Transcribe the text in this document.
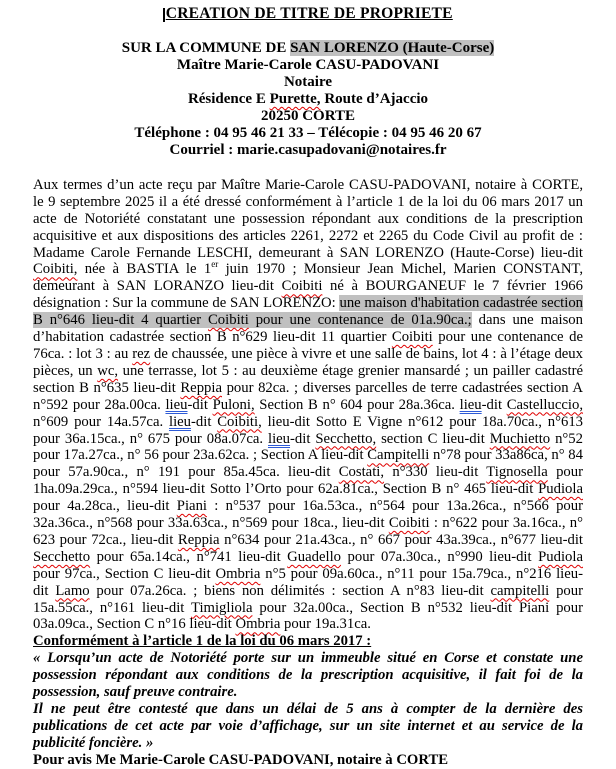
CREATION DE TITRE DE PROPRIETE
SUR LA COMMUNE DE SAN LORENZO (Haute-Corse)
Maître Marie-Carole CASU-PADOVANI
Notaire
Résidence E Purette, Route d’Ajaccio
20250 CORTE
Téléphone : 04 95 46 21 33 – Télécopie : 04 95 46 20 67
Courriel : marie.casupadovani@notaires.fr
Aux termes d’un acte reçu par Maître Marie-Carole CASU-PADOVANI, notaire à CORTE, le 9 septembre 2025 il a été dressé conformément à l’article 1 de la loi du 06 mars 2017 un acte de Notoriété constatant une possession répondant aux conditions de la prescription acquisitive et aux dispositions des articles 2261, 2272 et 2265 du Code Civil au profit de : Madame Carole Fernande LESCHI, demeurant à SAN LORENZO (Haute-Corse) lieu-dit Coibiti, née à BASTIA le 1er juin 1970 ; Monsieur Jean Michel, Marien CONSTANT, demeurant à SAN LORANZO lieu-dit Coibiti né à BOURGANEUF le 7 février 1966 désignation : Sur la commune de SAN LORENZO: une maison d'habitation cadastrée section B n°646 lieu-dit 4 quartier Coibiti pour une contenance de 01a.90ca.; dans une maison d’habitation cadastrée section B n°629 lieu-dit 11 quartier Coibiti pour une contenance de 76ca. : lot 3 : au rez de chaussée, une pièce à vivre et une salle de bains, lot 4 : à l’étage deux pièces, un wc, une terrasse, lot 5 : au deuxième étage grenier mansardé ; un pailler cadastré section B n°635 lieu-dit Reppia pour 82ca. ; diverses parcelles de terre cadastrées section A n°592 pour 28a.00ca. lieu-dit Puloni, Section B n° 604 pour 28a.36ca. lieu-dit Castelluccio, n°609 pour 14a.57ca. lieu-dit Coibiti, lieu-dit Sotto E Vigne n°612 pour 18a.70ca., n°613 pour 36a.15ca., n° 675 pour 08a.07ca. lieu-dit Secchetto, section C lieu-dit Muchietto n°52 pour 17a.27ca., n° 56 pour 23a.62ca. ; Section A lieu-dit Campitelli n°78 pour 33a86ca, n° 84 pour 57a.90ca., n° 191 pour 85a.45ca. lieu-dit Costati, n°330 lieu-dit Tignosella pour 1ha.09a.29ca., n°594 lieu-dit Sotto l’Orto pour 62a.81ca., Section B n° 465 lieu-dit Pudiola pour 4a.28ca., lieu-dit Piani : n°537 pour 16a.53ca., n°564 pour 13a.26ca., n°566 pour 32a.36ca., n°568 pour 33a.63ca., n°569 pour 18ca., lieu-dit Coibiti : n°622 pour 3a.16ca., n° 623 pour 72ca., lieu-dit Reppia n°634 pour 21a.43ca., n° 667 pour 43a.39ca., n°677 lieu-dit Secchetto pour 65a.14ca., n°741 lieu-dit Guadello pour 07a.30ca., n°990 lieu-dit Pudiola pour 97ca., Section C lieu-dit Ombria n°5 pour 09a.60ca., n°11 pour 15a.79ca., n°216 lieu-dit Lamo pour 07a.26ca. ; biens non délimités : section A n°83 lieu-dit campitelli pour 15a.55ca., n°161 lieu-dit Timigliola pour 32a.00ca., Section B n°532 lieu-dit Piani pour 03a.09ca., Section C n°16 lieu-dit Ombria pour 19a.31ca.
Conformément à l’article 1 de la loi du 06 mars 2017 :
« Lorsqu’un acte de Notoriété porte sur un immeuble situé en Corse et constate une possession répondant aux conditions de la prescription acquisitive, il fait foi de la possession, sauf preuve contraire.
Il ne peut être contesté que dans un délai de 5 ans à compter de la dernière des publications de cet acte par voie d’affichage, sur un site internet et au service de la publicité foncière. »
Pour avis Me Marie-Carole CASU-PADOVANI, notaire à CORTE
